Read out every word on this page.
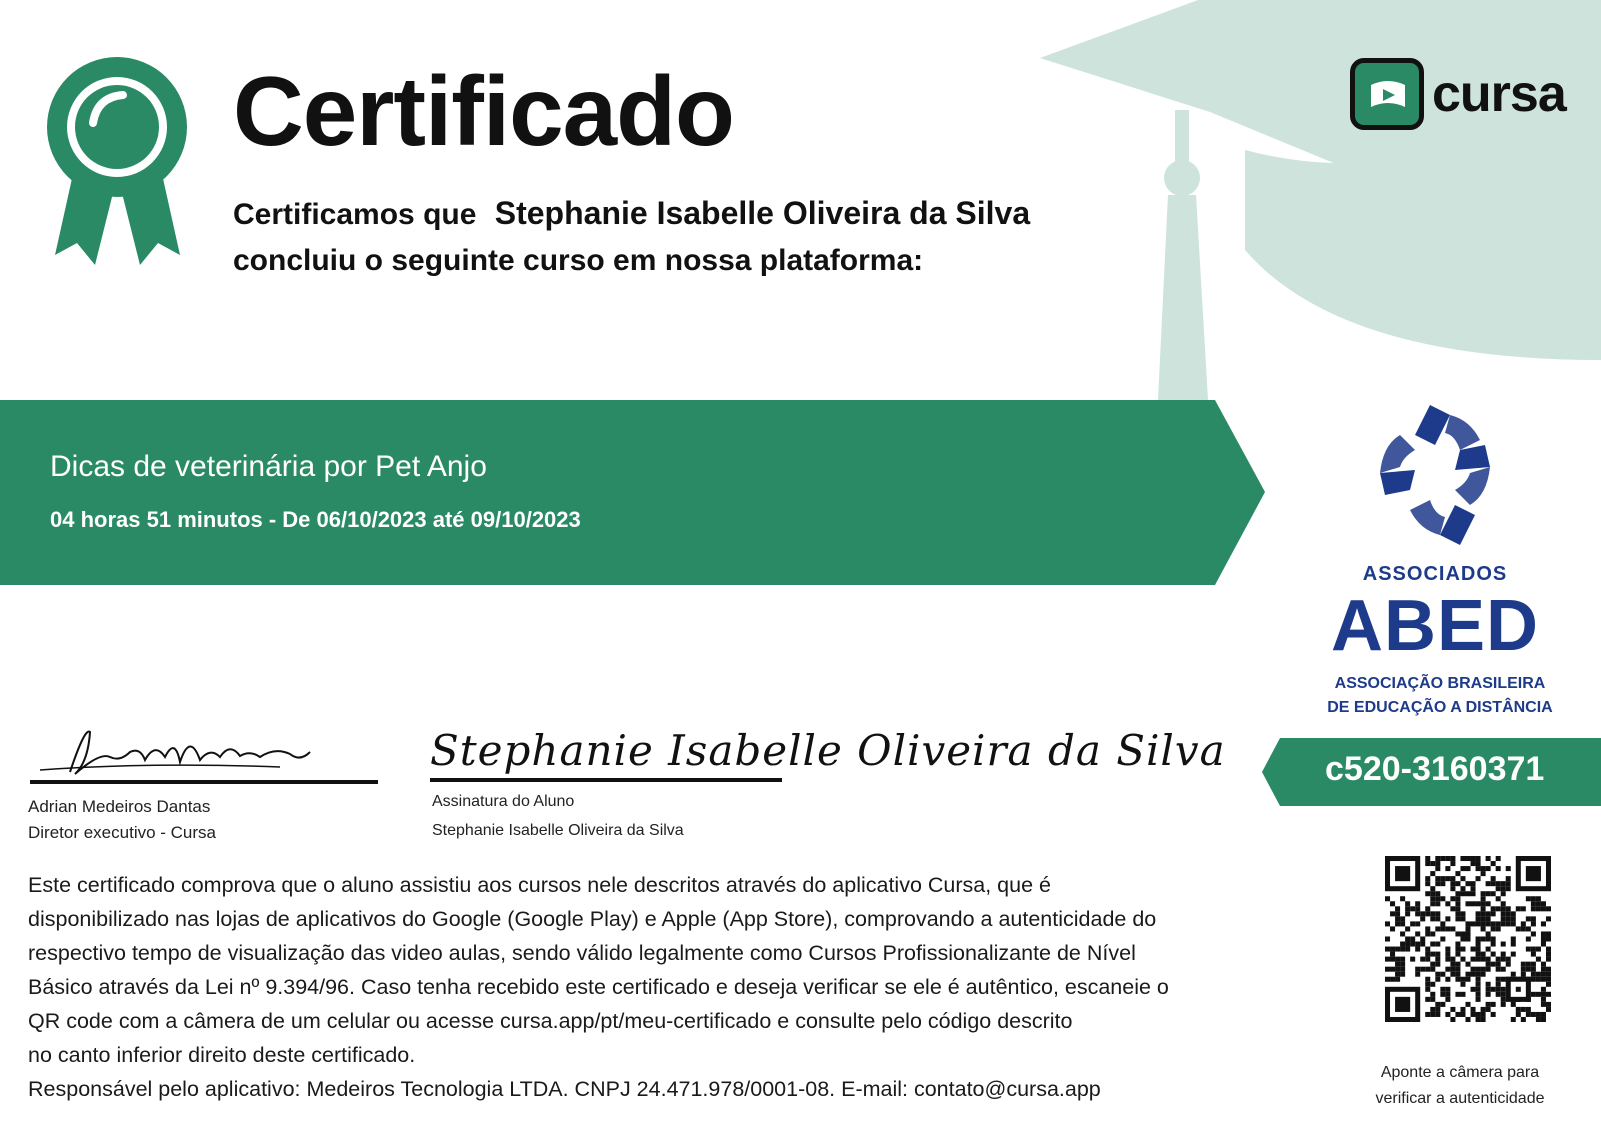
cursa
Certificado
Certificamos que Stephanie Isabelle Oliveira da Silva
concluiu o seguinte curso em nossa plataforma:
Dicas de veterinária por Pet Anjo
04 horas 51 minutos - De 06/10/2023 até 09/10/2023
ASSOCIADOS
ABED
ASSOCIAÇÃO BRASILEIRA
DE EDUCAÇÃO A DISTÂNCIA
c520-3160371
Adrian Medeiros Dantas
Diretor executivo - Cursa
Stephanie Isabelle Oliveira da Silva
Assinatura do Aluno
Stephanie Isabelle Oliveira da Silva

Este certificado comprova que o aluno assistiu aos cursos nele descritos através do aplicativo Cursa, que é

disponibilizado nas lojas de aplicativos do Google (Google Play) e Apple (App Store), comprovando a autenticidade do

respectivo tempo de visualização das video aulas, sendo válido legalmente como Cursos Profissionalizante de Nível

Básico através da Lei nº 9.394/96. Caso tenha recebido este certificado e deseja verificar se ele é autêntico, escaneie o

QR code com a câmera de um celular ou acesse cursa.app/pt/meu-certificado e consulte pelo código descrito

no canto inferior direito deste certificado.

Responsável pelo aplicativo: Medeiros Tecnologia LTDA. CNPJ 24.471.978/0001-08. E-mail: contato@cursa.app

Aponte a câmera para
verificar a autenticidade
